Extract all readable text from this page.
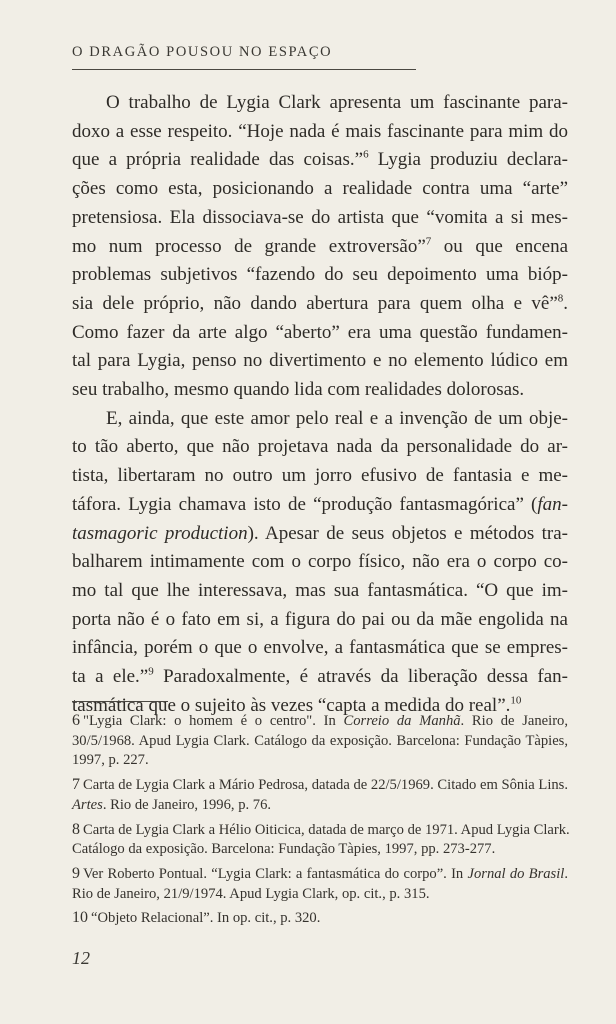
O DRAGÃO POUSOU NO ESPAÇO

O trabalho de Lygia Clark apresenta um fascinante para-
doxo a esse respeito. “Hoje nada é mais fascinante para mim do
que a própria realidade das coisas.”$^6$ Lygia produziu declara-
ções como esta, posicionando a realidade contra uma “arte”
pretensiosa. Ela dissociava-se do artista que “vomita a si mes-
mo num processo de grande extroversão”$^7$ ou que encena
problemas subjetivos “fazendo do seu depoimento uma bióp-
sia dele próprio, não dando abertura para quem olha e vê”$^8$.
Como fazer da arte algo “aberto” era uma questão fundamen-
tal para Lygia, penso no divertimento e no elemento lúdico em
seu trabalho, mesmo quando lida com realidades dolorosas.

E, ainda, que este amor pelo real e a invenção de um obje-
to tão aberto, que não projetava nada da personalidade do ar-
tista, libertaram no outro um jorro efusivo de fantasia e me-
táfora. Lygia chamava isto de “produção fantasmagórica” (fan-
tasmagoric production). Apesar de seus objetos e métodos tra-
balharem intimamente com o corpo físico, não era o corpo co-
mo tal que lhe interessava, mas sua fantasmática. “O que im-
porta não é o fato em si, a figura do pai ou da mãe engolida na
infância, porém o que o envolve, a fantasmática que se empres-
ta a ele.”$^9$ Paradoxalmente, é através da liberação dessa fan-
tasmática que o sujeito às vezes “capta a medida do real”.$^{10}$

6 "Lygia Clark: o homem é o centro". In Correio da Manhã. Rio de Janeiro,
30/5/1968. Apud Lygia Clark. Catálogo da exposição. Barcelona: Fundação Tàpies,
1997, p. 227.
7 Carta de Lygia Clark a Mário Pedrosa, datada de 22/5/1969. Citado em Sônia Lins.
Artes. Rio de Janeiro, 1996, p. 76.
8 Carta de Lygia Clark a Hélio Oiticica, datada de março de 1971. Apud Lygia Clark.
Catálogo da exposição. Barcelona: Fundação Tàpies, 1997, pp. 273-277.
9 Ver Roberto Pontual. “Lygia Clark: a fantasmática do corpo”. In Jornal do Brasil.
Rio de Janeiro, 21/9/1974. Apud Lygia Clark, op. cit., p. 315.
10 “Objeto Relacional”. In op. cit., p. 320.
12
